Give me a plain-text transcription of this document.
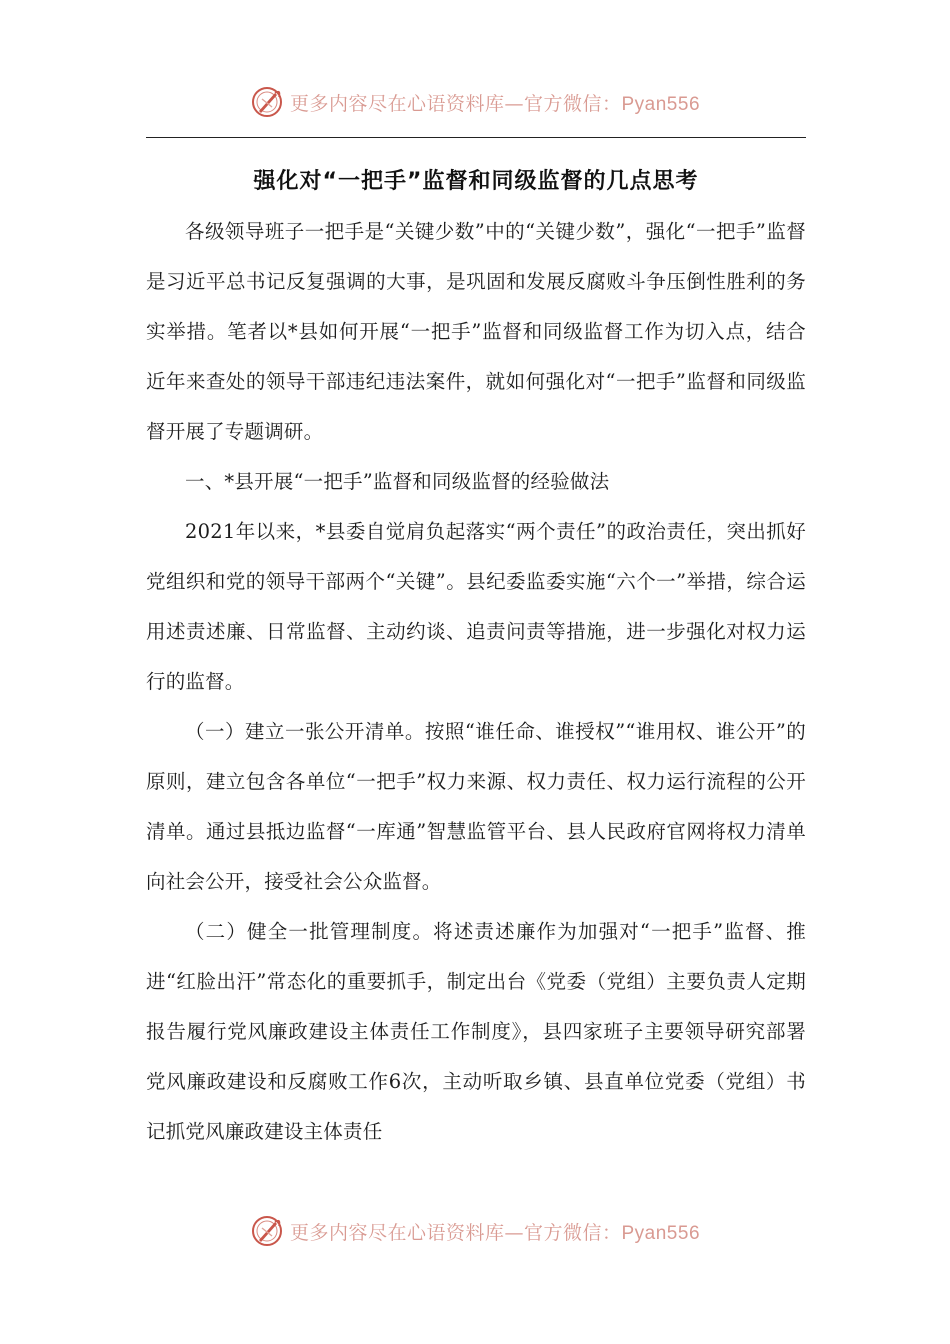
更多内容尽在心语资料库—官方微信：Pyan556
强化对“一把手”监督和同级监督的几点思考

各级领导班子一把手是“关键少数”中的“关键少数”，强化“一把手”监督是习近平总书记反复强调的大事，是巩固和发展反腐败斗争压倒性胜利的务实举措。笔者以*县如何开展“一把手”监督和同级监督工作为切入点，结合近年来查处的领导干部违纪违法案件，就如何强化对“一把手”监督和同级监督开展了专题调研。

一、*县开展“一把手”监督和同级监督的经验做法

2021年以来，*县委自觉肩负起落实“两个责任”的政治责任，突出抓好党组织和党的领导干部两个“关键”。县纪委监委实施“六个一”举措，综合运用述责述廉、日常监督、主动约谈、追责问责等措施，进一步强化对权力运行的监督。

（一）建立一张公开清单。按照“谁任命、谁授权”“谁用权、谁公开”的原则，建立包含各单位“一把手”权力来源、权力责任、权力运行流程的公开清单。通过县抵边监督“一库通”智慧监管平台、县人民政府官网将权力清单向社会公开，接受社会公众监督。

（二）健全一批管理制度。将述责述廉作为加强对“一把手”监督、推进“红脸出汗”常态化的重要抓手，制定出台《党委（党组）主要负责人定期报告履行党风廉政建设主体责任工作制度》，县四家班子主要领导研究部署党风廉政建设和反腐败工作6次，主动听取乡镇、县直单位党委（党组）书记抓党风廉政建设主体责任

更多内容尽在心语资料库—官方微信：Pyan556
